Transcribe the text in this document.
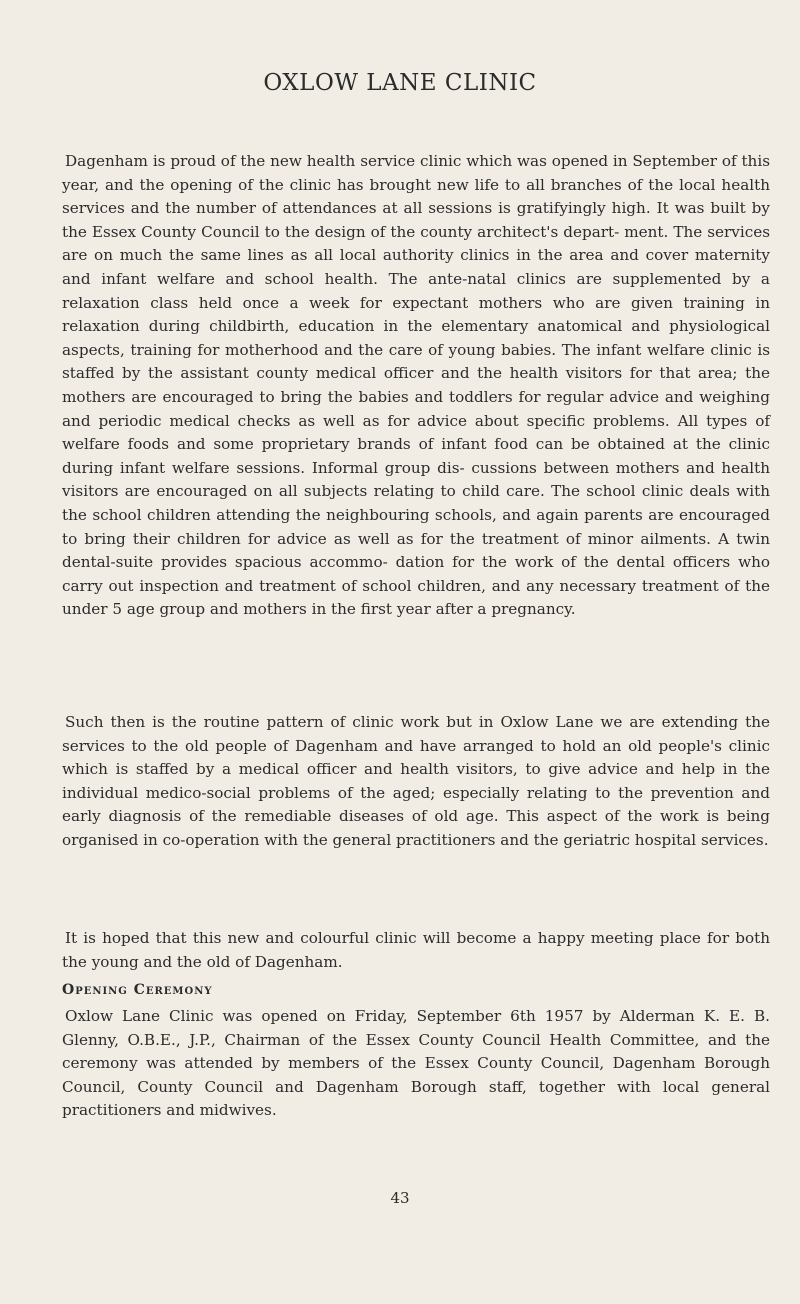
OXLOW LANE CLINIC

Dagenham is proud of the new health service clinic which was opened in September of this year, and the opening of the clinic has brought new life to all branches of the local health services and the number of attendances at all sessions is gratifyingly high. It was built by the Essex County Council to the design of the county architect's depart- ment. The services are on much the same lines as all local authority clinics in the area and cover maternity and infant welfare and school health. The ante-natal clinics are supplemented by a relaxation class held once a week for expectant mothers who are given training in relaxation during childbirth, education in the elementary anatomical and physiological aspects, training for motherhood and the care of young babies. The infant welfare clinic is staffed by the assistant county medical officer and the health visitors for that area; the mothers are encouraged to bring the babies and toddlers for regular advice and weighing and periodic medical checks as well as for advice about specific problems. All types of welfare foods and some proprietary brands of infant food can be obtained at the clinic during infant welfare sessions. Informal group dis- cussions between mothers and health visitors are encouraged on all subjects relating to child care. The school clinic deals with the school children attending the neighbouring schools, and again parents are encouraged to bring their children for advice as well as for the treatment of minor ailments. A twin dental-suite provides spacious accommo- dation for the work of the dental officers who carry out inspection and treatment of school children, and any necessary treatment of the under 5 age group and mothers in the first year after a pregnancy.

Such then is the routine pattern of clinic work but in Oxlow Lane we are extending the services to the old people of Dagenham and have arranged to hold an old people's clinic which is staffed by a medical officer and health visitors, to give advice and help in the individual medico-social problems of the aged; especially relating to the prevention and early diagnosis of the remediable diseases of old age. This aspect of the work is being organised in co-operation with the general practitioners and the geriatric hospital services.

It is hoped that this new and colourful clinic will become a happy meeting place for both the young and the old of Dagenham.

Opening Ceremony

Oxlow Lane Clinic was opened on Friday, September 6th 1957 by Alderman K. E. B. Glenny, O.B.E., J.P., Chairman of the Essex County Council Health Committee, and the ceremony was attended by members of the Essex County Council, Dagenham Borough Council, County Council and Dagenham Borough staff, together with local general practitioners and midwives.

43
